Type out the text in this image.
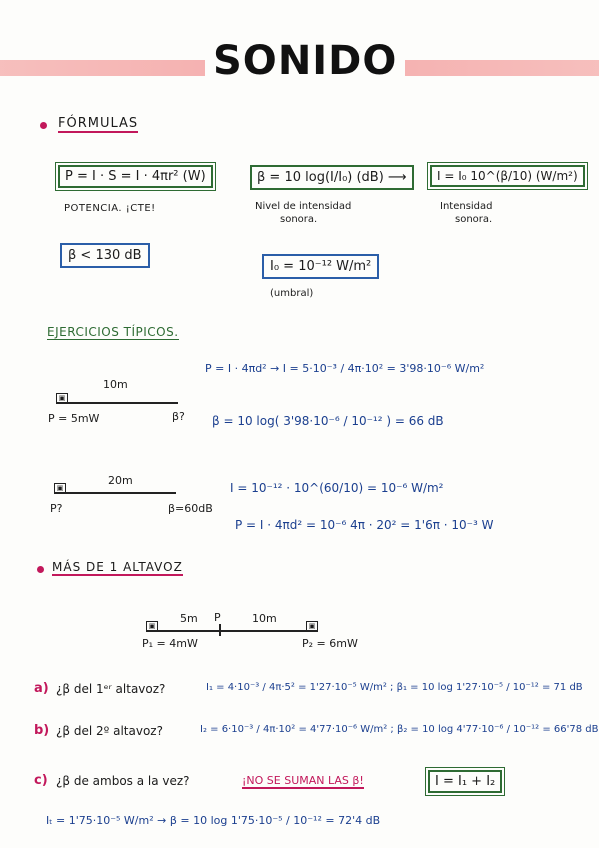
SONIDO
FÓRMULAS
P = I · S = I · 4πr² (W)
POTENCIA. ¡CTE!
β = 10 log(I/I₀) (dB) ⟶
Nivel de intensidad
sonora.
I = I₀ 10^(β/10) (W/m²)
Intensidad
sonora.
β < 130 dB
I₀ = 10⁻¹² W/m²
(umbral)
EJERCICIOS TÍPICOS.
▣
10m
P = 5mW	β?
P = I · 4πd² → I = 5·10⁻³ / 4π·10² = 3'98·10⁻⁶ W/m²
β = 10 log( 3'98·10⁻⁶ / 10⁻¹² ) = 66 dB
▣
20m
P?	β=60dB
I = 10⁻¹² · 10^(60/10) = 10⁻⁶ W/m²
P = I · 4πd² = 10⁻⁶ 4π · 20² = 1'6π · 10⁻³ W
MÁS DE 1 ALTAVOZ
▣	▣
5m P	10m
P₁ = 4mW	P₂ = 6mW
a) ¿β del 1ᵉʳ altavoz?	I₁ = 4·10⁻³ / 4π·5² = 1'27·10⁻⁵ W/m² ; β₁ = 10 log 1'27·10⁻⁵ / 10⁻¹² = 71 dB
b) ¿β del 2º altavoz?	I₂ = 6·10⁻³ / 4π·10² = 4'77·10⁻⁶ W/m² ; β₂ = 10 log 4'77·10⁻⁶ / 10⁻¹² = 66'78 dB
c) ¿β de ambos a la vez?	¡NO SE SUMAN LAS β!	I = I₁ + I₂
Iₜ = 1'75·10⁻⁵ W/m² → β = 10 log 1'75·10⁻⁵ / 10⁻¹² = 72'4 dB
